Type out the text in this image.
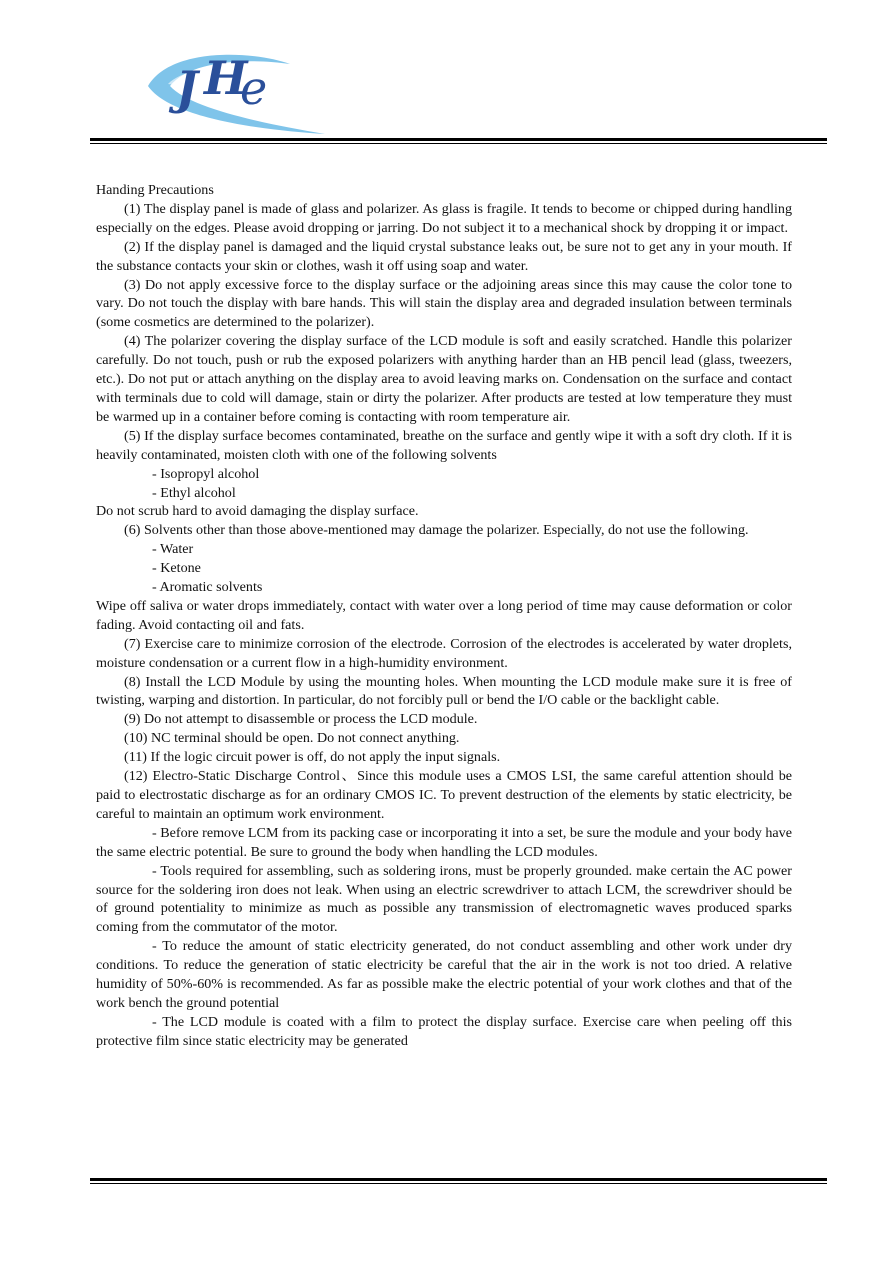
J H
e

Handing Precautions

(1) The display panel is made of glass and polarizer. As glass is fragile. It tends to become or chipped during handling especially on the edges. Please avoid dropping or jarring. Do not subject it to a mechanical shock by dropping it or impact.

(2) If the display panel is damaged and the liquid crystal substance leaks out, be sure not to get any in your mouth. If the substance contacts your skin or clothes, wash it off using soap and water.

(3) Do not apply excessive force to the display surface or the adjoining areas since this may cause the color tone to vary. Do not touch the display with bare hands. This will stain the display area and degraded insulation between terminals (some cosmetics are determined to the polarizer).

(4) The polarizer covering the display surface of the LCD module is soft and easily scratched. Handle this polarizer carefully. Do not touch, push or rub the exposed polarizers with anything harder than an HB pencil lead (glass, tweezers, etc.). Do not put or attach anything on the display area to avoid leaving marks on. Condensation on the surface and contact with terminals due to cold will damage, stain or dirty the polarizer. After products are tested at low temperature they must be warmed up in a container before coming is contacting with room temperature air.

(5) If the display surface becomes contaminated, breathe on the surface and gently wipe it with a soft dry cloth. If it is heavily contaminated, moisten cloth with one of the following solvents

- Isopropyl alcohol

- Ethyl alcohol

Do not scrub hard to avoid damaging the display surface.

(6) Solvents other than those above-mentioned may damage the polarizer. Especially, do not use the following.

- Water

- Ketone

- Aromatic solvents

Wipe off saliva or water drops immediately, contact with water over a long period of time may cause deformation or color fading. Avoid contacting oil and fats.

(7) Exercise care to minimize corrosion of the electrode. Corrosion of the electrodes is accelerated by water droplets, moisture condensation or a current flow in a high-humidity environment.

(8) Install the LCD Module by using the mounting holes. When mounting the LCD module make sure it is free of twisting, warping and distortion. In particular, do not forcibly pull or bend the I/O cable or the backlight cable.

(9) Do not attempt to disassemble or process the LCD module.

(10) NC terminal should be open. Do not connect anything.

(11) If the logic circuit power is off, do not apply the input signals.

(12) Electro-Static Discharge Control、Since this module uses a CMOS LSI, the same careful attention should be paid to electrostatic discharge as for an ordinary CMOS IC. To prevent destruction of the elements by static electricity, be careful to maintain an optimum work environment.

- Before remove LCM from its packing case or incorporating it into a set, be sure the module and your body have the same electric potential. Be sure to ground the body when handling the LCD modules.

- Tools required for assembling, such as soldering irons, must be properly grounded. make certain the AC power source for the soldering iron does not leak. When using an electric screwdriver to attach LCM, the screwdriver should be of ground potentiality to minimize as much as possible any transmission of electromagnetic waves produced sparks coming from the commutator of the motor.

- To reduce the amount of static electricity generated, do not conduct assembling and other work under dry conditions. To reduce the generation of static electricity be careful that the air in the work is not too dried. A relative humidity of 50%-60% is recommended. As far as possible make the electric potential of your work clothes and that of the work bench the ground potential

- The LCD module is coated with a film to protect the display surface. Exercise care when peeling off this protective film since static electricity may be generated
